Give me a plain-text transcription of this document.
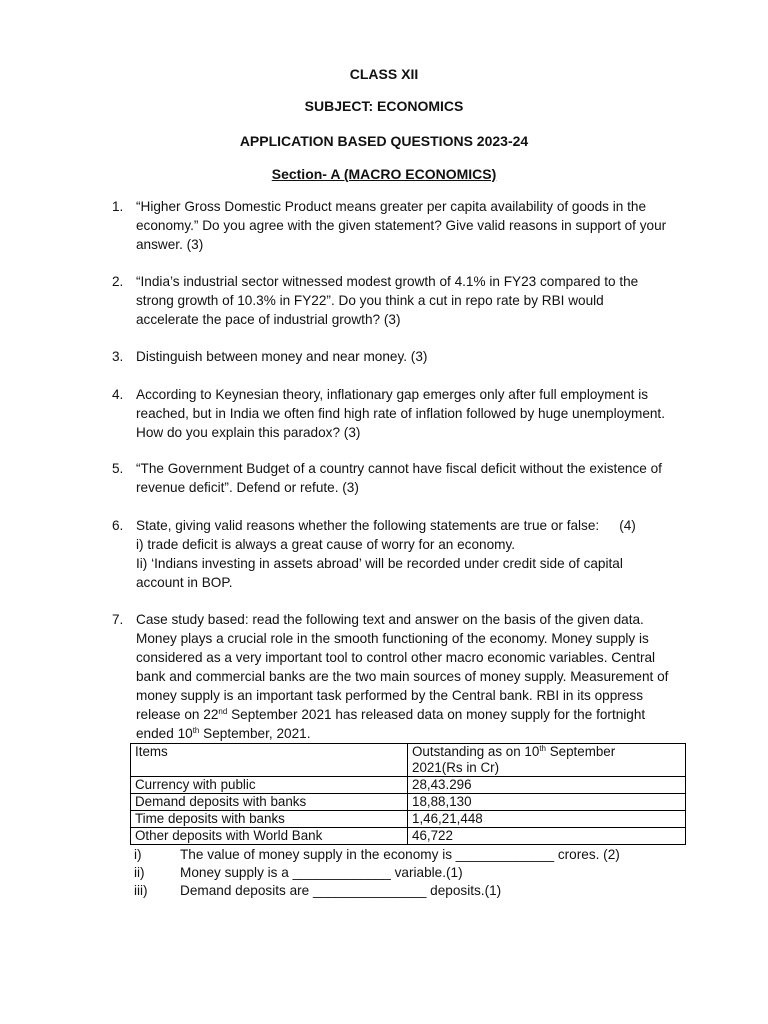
CLASS XII
SUBJECT: ECONOMICS
APPLICATION BASED QUESTIONS 2023-24
Section- A (MACRO ECONOMICS)
1. “Higher Gross Domestic Product means greater per capita availability of goods in the
economy.” Do you agree with the given statement? Give valid reasons in support of your
answer. (3)
2. “India’s industrial sector witnessed modest growth of 4.1% in FY23 compared to the
strong growth of 10.3% in FY22”. Do you think a cut in repo rate by RBI would
accelerate the pace of industrial growth? (3)
3. Distinguish between money and near money. (3)
4. According to Keynesian theory, inflationary gap emerges only after full employment is
reached, but in India we often find high rate of inflation followed by huge unemployment.
How do you explain this paradox? (3)
5. “The Government Budget of a country cannot have fiscal deficit without the existence of
revenue deficit”. Defend or refute. (3)
6. State, giving valid reasons whether the following statements are true or false: (4)
i) trade deficit is always a great cause of worry for an economy.
Ii) ‘Indians investing in assets abroad’ will be recorded under credit side of capital
account in BOP.
7. Case study based: read the following text and answer on the basis of the given data.
Money plays a crucial role in the smooth functioning of the economy. Money supply is
considered as a very important tool to control other macro economic variables. Central
bank and commercial banks are the two main sources of money supply. Measurement of
money supply is an important task performed by the Central bank. RBI in its oppress
release on 22nd September 2021 has released data on money supply for the fortnight
ended 10th September, 2021.
Items	Outstanding as on 10th September
2021(Rs in Cr)
Currency with public	28,43.296
Demand deposits with banks	18,88,130
Time deposits with banks	1,46,21,448
Other deposits with World Bank	46,722
i)	The value of money supply in the economy is _____________ crores. (2)
ii)	Money supply is a _____________ variable.(1)
iii) Demand deposits are _______________ deposits.(1)
